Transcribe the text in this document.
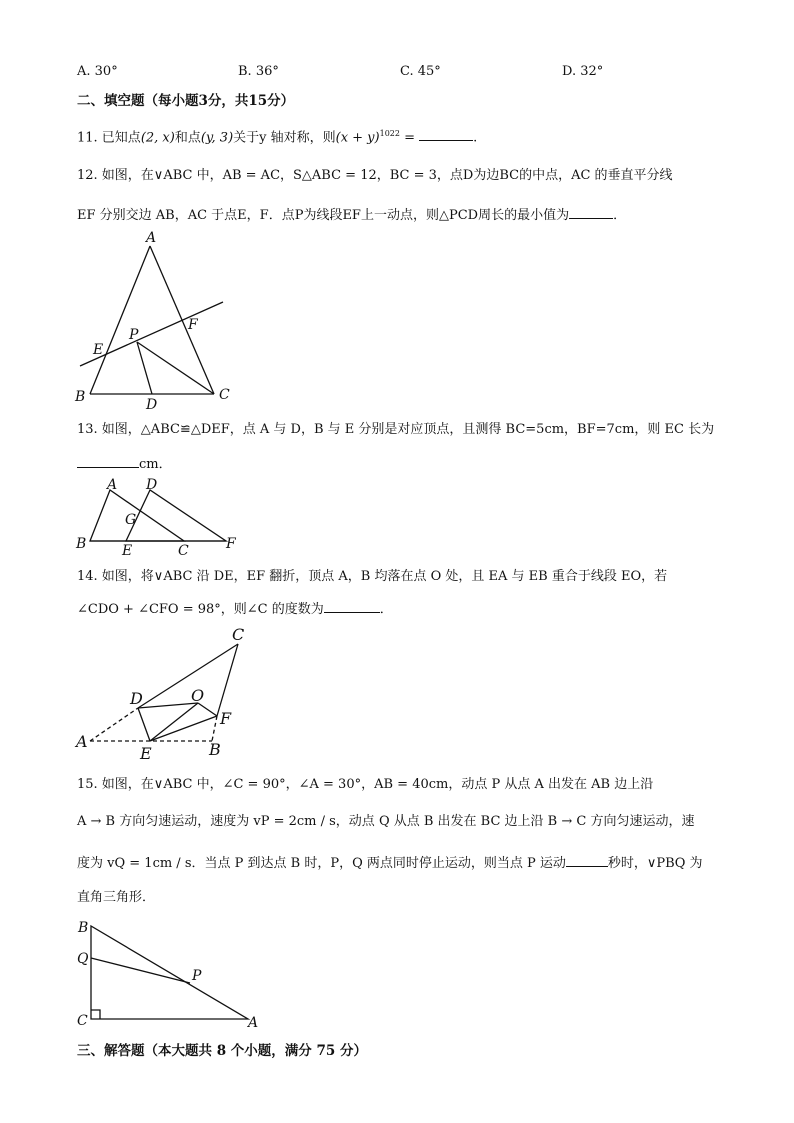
A. 30°	B. 36°	C. 45°	D. 32°
二、填空题（每小题3分，共15分）
11. 已知点(2, x)和点(y, 3)关于y 轴对称，则$(x + y)^{1022}$ =	.
12. 如图，在∨ABC 中，AB = AC，S△ABC = 12，BC = 3，点D为边BC的中点，AC 的垂直平分线
EF 分别交边 AB，AC 于点E，F．点P为线段EF上一动点，则△PCD周长的最小值为	．
A
B	C
D
E
F
P
13. 如图，△ABC≌△DEF，点 A 与 D，B 与 E 分别是对应顶点，且测得 BC=5cm，BF=7cm，则 EC 长为
cm．
A D
G
B	E	C	F
14. 如图，将∨ABC 沿 DE，EF 翻折，顶点 A，B 均落在点 O 处，且 EA 与 EB 重合于线段 EO，若
∠CDO + ∠CFO = 98°，则∠C 的度数为	．
C
D	O
F
A
E	B
15. 如图，在∨ABC 中，∠C = 90°，∠A = 30°，AB = 40cm，动点 P 从点 A 出发在 AB 边上沿
A → B 方向匀速运动，速度为 vP = 2cm / s，动点 Q 从点 B 出发在 BC 边上沿 B → C 方向匀速运动，速
度为 vQ = 1cm / s．当点 P 到达点 B 时，P，Q 两点同时停止运动，则当点 P 运动	秒时，∨PBQ 为
直角三角形．
B
Q
P
C	A
三、解答题（本大题共 8 个小题，满分 75 分）
